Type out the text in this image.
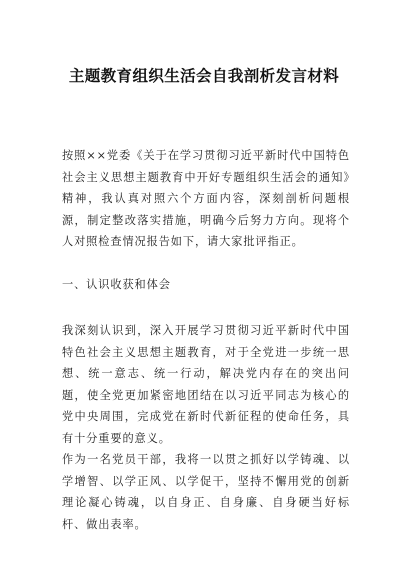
主题教育组织生活会自我剖析发言材料

按照××党委《关于在学习贯彻习近平新时代中国特色社会主义思想主题教育中开好专题组织生活会的通知》精神，我认真对照六个方面内容，深刻剖析问题根源，制定整改落实措施，明确今后努力方向。现将个人对照检查情况报告如下，请大家批评指正。

一、认识收获和体会

我深刻认识到，深入开展学习贯彻习近平新时代中国特色社会主义思想主题教育，对于全党进一步统一思想、统一意志、统一行动，解决党内存在的突出问题，使全党更加紧密地团结在以习近平同志为核心的党中央周围，完成党在新时代新征程的使命任务，具有十分重要的意义。

作为一名党员干部，我将一以贯之抓好以学铸魂、以学增智、以学正风、以学促干，坚持不懈用党的创新理论凝心铸魂，以自身正、自身廉、自身硬当好标杆、做出表率。
